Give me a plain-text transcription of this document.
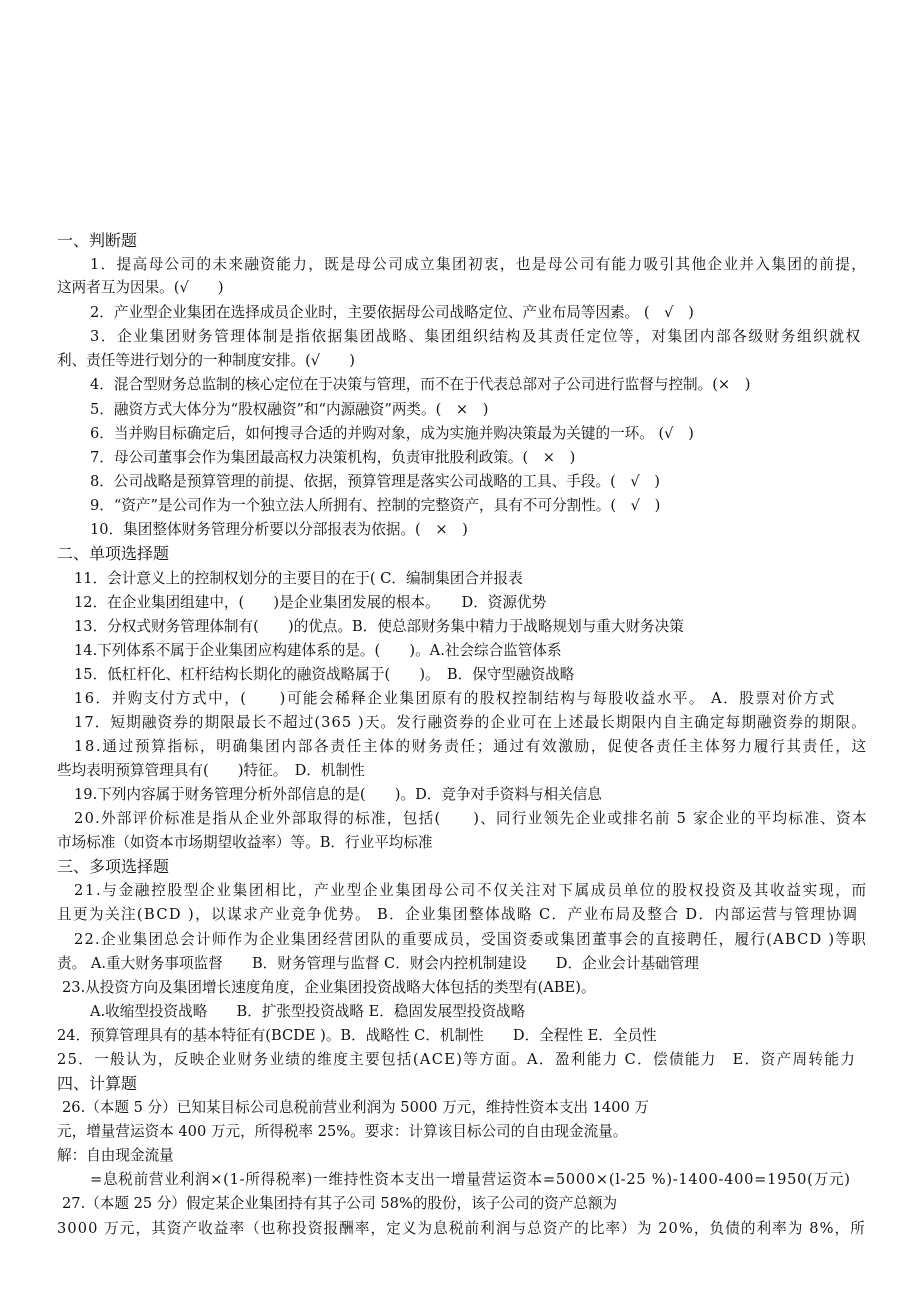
一、判断题
1．提高母公司的未来融资能力，既是母公司成立集团初衷，也是母公司有能力吸引其他企业并入集团的前提，
这两者互为因果。(√　　)
2．产业型企业集团在选择成员企业时，主要依据母公司战略定位、产业布局等因素。 (　√　)
3．企业集团财务管理体制是指依据集团战略、集团组织结构及其责任定位等，对集团内部各级财务组织就权
利、责任等进行划分的一种制度安排。(√　　)
4．混合型财务总监制的核心定位在于决策与管理，而不在于代表总部对子公司进行监督与控制。(×　)
5．融资方式大体分为“股权融资”和“内源融资”两类。(　×　)
6．当并购目标确定后，如何搜寻合适的并购对象，成为实施并购决策最为关键的一环。 (√　)
7．母公司董事会作为集团最高权力决策机构，负责审批股利政策。(　×　)
8．公司战略是预算管理的前提、依据，预算管理是落实公司战略的工具、手段。(　√　)
9．“资产”是公司作为一个独立法人所拥有、控制的完整资产，具有不可分割性。(　√　)
10．集团整体财务管理分析要以分部报表为依据。(　×　)
二、单项选择题
11．会计意义上的控制权划分的主要目的在于( C．编制集团合并报表
12．在企业集团组建中，(　　)是企业集团发展的根本。　　D．资源优势
13．分权式财务管理体制有(　　)的优点。B．使总部财务集中精力于战略规划与重大财务决策
14.下列体系不属于企业集团应构建体系的是。(　　)。A.社会综合监管体系
15．低杠杆化、杠杆结构长期化的融资战略属于(　　)。　B．保守型融资战略
16．并购支付方式中，(　　)可能会稀释企业集团原有的股权控制结构与每股收益水平。 A．股票对价方式
17．短期融资券的期限最长不超过(365 )天。发行融资券的企业可在上述最长期限内自主确定每期融资券的期限。
18.通过预算指标，明确集团内部各责任主体的财务责任；通过有效激励，促使各责任主体努力履行其责任，这
些均表明预算管理具有(　　)特征。　D．机制性
19.下列内容属于财务管理分析外部信息的是(　　)。D．竞争对手资料与相关信息
20.外部评价标准是指从企业外部取得的标准，包括(　　)、同行业领先企业或排名前 5 家企业的平均标准、资本
市场标准（如资本市场期望收益率）等。B．行业平均标准
三、多项选择题
21.与金融控股型企业集团相比，产业型企业集团母公司不仅关注对下属成员单位的股权投资及其收益实现，而
且更为关注(BCD )，以谋求产业竞争优势。 B．企业集团整体战略 C．产业布局及整合 D．内部运营与管理协调
22.企业集团总会计师作为企业集团经营团队的重要成员，受国资委或集团董事会的直接聘任，履行(ABCD )等职
责。 A.重大财务事项监督　　B．财务管理与监督 C．财会内控机制建设　　D．企业会计基础管理
23.从投资方向及集团增长速度角度，企业集团投资战略大体包括的类型有(ABE)。
A.收缩型投资战略　　B．扩张型投资战略 E．稳固发展型投资战略
24．预算管理具有的基本特征有(BCDE )。B．战略性 C．机制性　　D．全程性 E．全员性
25．一般认为，反映企业财务业绩的维度主要包括(ACE)等方面。A．盈利能力 C．偿债能力　E．资产周转能力
四、计算题
26.（本题 5 分）已知某目标公司息税前营业利润为 5000 万元，维持性资本支出 1400 万
元，增量营运资本 400 万元，所得税率 25%。要求：计算该目标公司的自由现金流量。
解：自由现金流量
=息税前营业利润×(1-所得税率)一维持性资本支出一增量营运资本=5000×(l-25 %)-1400-400=1950(万元)
27.（本题 25 分）假定某企业集团持有其子公司 58%的股份，该子公司的资产总额为
3000 万元，其资产收益率（也称投资报酬率，定义为息税前利润与总资产的比率）为 20%，负债的利率为 8%，所
